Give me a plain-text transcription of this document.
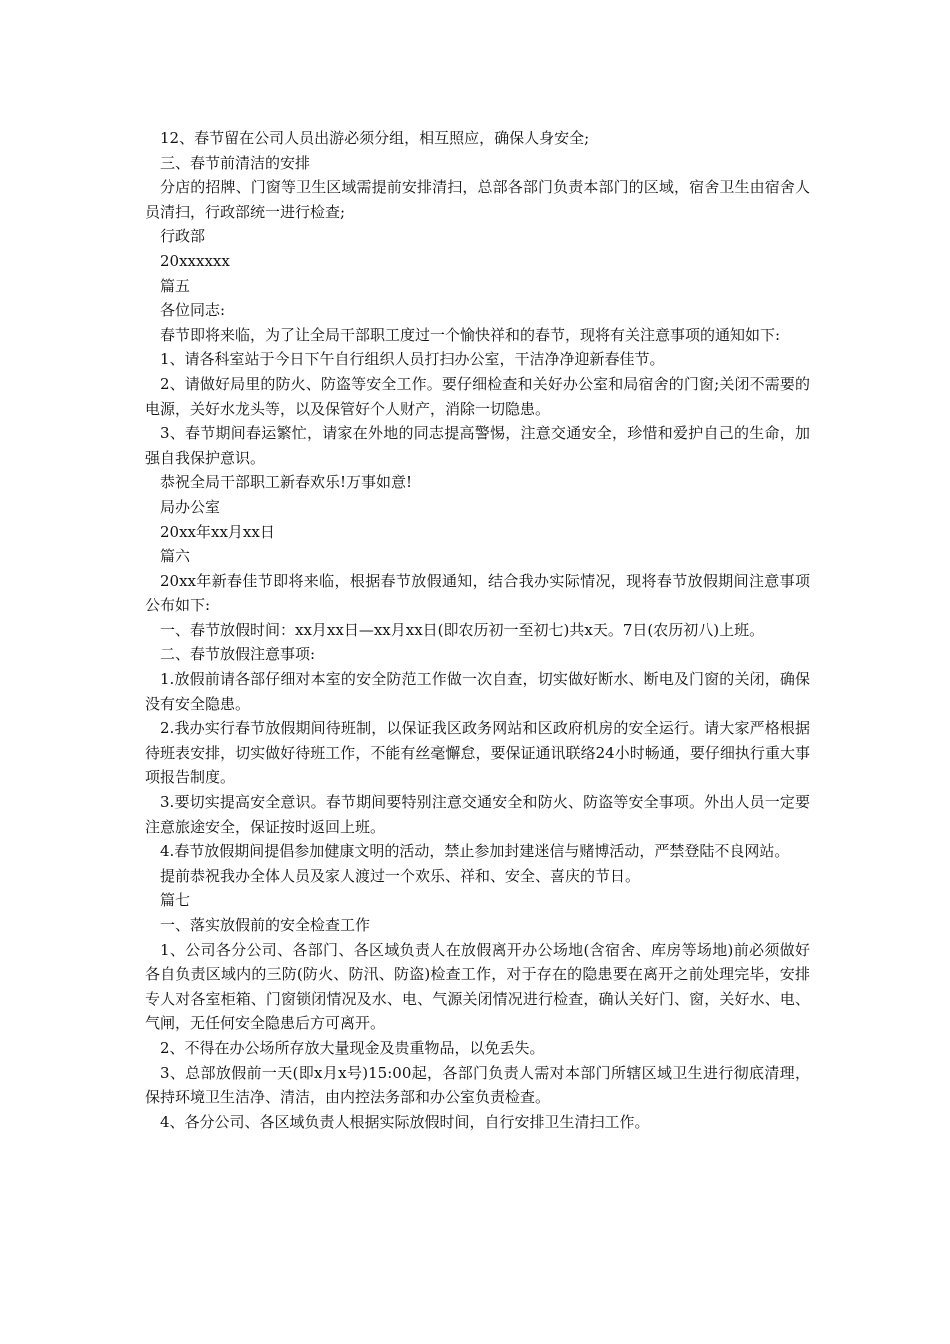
12、春节留在公司人员出游必须分组，相互照应，确保人身安全;

三、春节前清洁的安排

分店的招牌、门窗等卫生区域需提前安排清扫，总部各部门负责本部门的区域，宿舍卫生由宿舍人员清扫，行政部统一进行检查;

行政部

20xxxxxx

篇五

各位同志:

春节即将来临，为了让全局干部职工度过一个愉快祥和的春节，现将有关注意事项的通知如下:

1、请各科室站于今日下午自行组织人员打扫办公室，干洁净净迎新春佳节。

2、请做好局里的防火、防盗等安全工作。要仔细检查和关好办公室和局宿舍的门窗;关闭不需要的电源，关好水龙头等，以及保管好个人财产，消除一切隐患。

3、春节期间春运繁忙，请家在外地的同志提高警惕，注意交通安全，珍惜和爱护自己的生命，加强自我保护意识。

恭祝全局干部职工新春欢乐!万事如意!

局办公室

20xx年xx月xx日

篇六

20xx年新春佳节即将来临，根据春节放假通知，结合我办实际情况，现将春节放假期间注意事项公布如下:

一、春节放假时间：xx月xx日—xx月xx日(即农历初一至初七)共x天。7日(农历初八)上班。

二、春节放假注意事项:

1.放假前请各部仔细对本室的安全防范工作做一次自查，切实做好断水、断电及门窗的关闭，确保没有安全隐患。

2.我办实行春节放假期间待班制，以保证我区政务网站和区政府机房的安全运行。请大家严格根据待班表安排，切实做好待班工作，不能有丝毫懈怠，要保证通讯联络24小时畅通，要仔细执行重大事项报告制度。

3.要切实提高安全意识。春节期间要特别注意交通安全和防火、防盗等安全事项。外出人员一定要注意旅途安全，保证按时返回上班。

4.春节放假期间提倡参加健康文明的活动，禁止参加封建迷信与赌博活动，严禁登陆不良网站。

提前恭祝我办全体人员及家人渡过一个欢乐、祥和、安全、喜庆的节日。

篇七

一、落实放假前的安全检查工作

1、公司各分公司、各部门、各区域负责人在放假离开办公场地(含宿舍、库房等场地)前必须做好各自负责区域内的三防(防火、防汛、防盗)检查工作，对于存在的隐患要在离开之前处理完毕，安排专人对各室柜箱、门窗锁闭情况及水、电、气源关闭情况进行检查，确认关好门、窗，关好水、电、气闸，无任何安全隐患后方可离开。

2、不得在办公场所存放大量现金及贵重物品，以免丢失。

3、总部放假前一天(即x月x号)15:00起，各部门负责人需对本部门所辖区域卫生进行彻底清理，保持环境卫生洁净、清洁，由内控法务部和办公室负责检查。

4、各分公司、各区域负责人根据实际放假时间，自行安排卫生清扫工作。
